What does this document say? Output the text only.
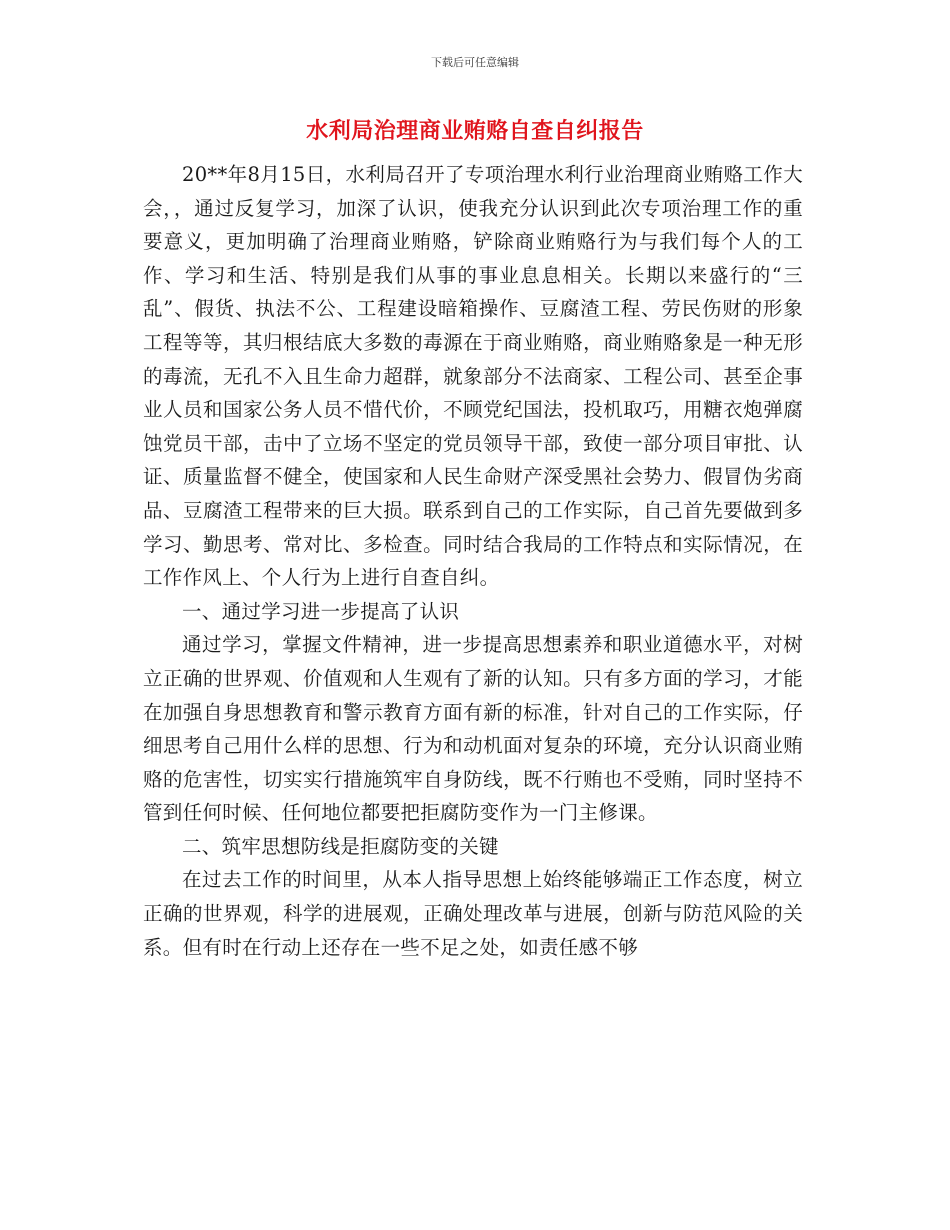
下载后可任意编辑
水利局治理商业贿赂自查自纠报告

20**年8月15日，水利局召开了专项治理水利行业治理商业贿赂工作大会，，通过反复学习，加深了认识，使我充分认识到此次专项治理工作的重要意义，更加明确了治理商业贿赂，铲除商业贿赂行为与我们每个人的工作、学习和生活、特别是我们从事的事业息息相关。长期以来盛行的“三乱”、假货、执法不公、工程建设暗箱操作、豆腐渣工程、劳民伤财的形象工程等等，其归根结底大多数的毒源在于商业贿赂，商业贿赂象是一种无形的毒流，无孔不入且生命力超群，就象部分不法商家、工程公司、甚至企事业人员和国家公务人员不惜代价，不顾党纪国法，投机取巧，用糖衣炮弹腐蚀党员干部，击中了立场不坚定的党员领导干部，致使一部分项目审批、认证、质量监督不健全，使国家和人民生命财产深受黑社会势力、假冒伪劣商品、豆腐渣工程带来的巨大损。联系到自己的工作实际，自己首先要做到多学习、勤思考、常对比、多检查。同时结合我局的工作特点和实际情况，在工作作风上、个人行为上进行自查自纠。

一、通过学习进一步提高了认识

通过学习，掌握文件精神，进一步提高思想素养和职业道德水平，对树立正确的世界观、价值观和人生观有了新的认知。只有多方面的学习，才能在加强自身思想教育和警示教育方面有新的标准，针对自己的工作实际，仔细思考自己用什么样的思想、行为和动机面对复杂的环境，充分认识商业贿赂的危害性，切实实行措施筑牢自身防线，既不行贿也不受贿，同时坚持不管到任何时候、任何地位都要把拒腐防变作为一门主修课。

二、筑牢思想防线是拒腐防变的关键

在过去工作的时间里，从本人指导思想上始终能够端正工作态度，树立正确的世界观，科学的进展观，正确处理改革与进展，创新与防范风险的关系。但有时在行动上还存在一些不足之处，如责任感不够
